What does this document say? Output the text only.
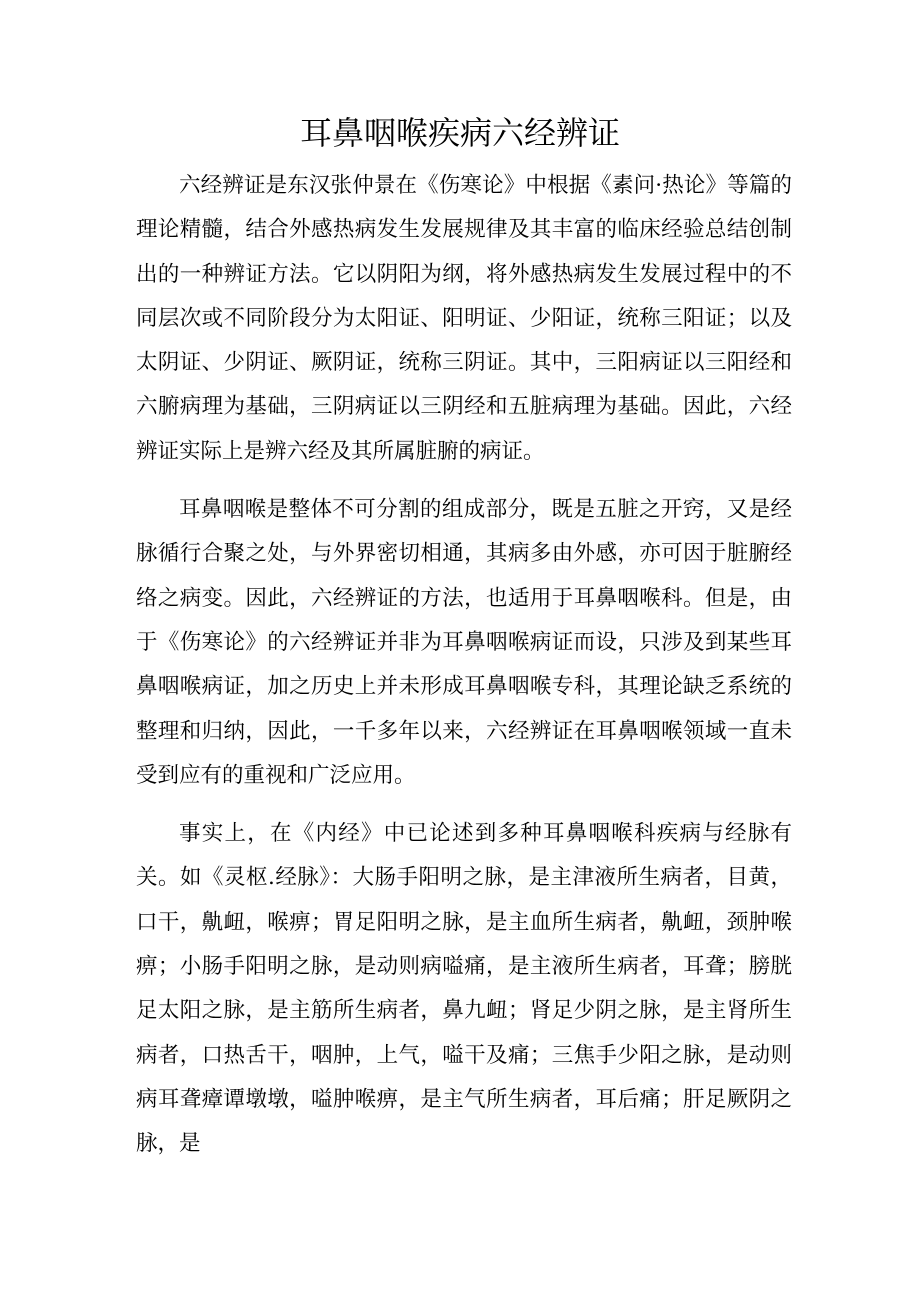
耳鼻咽喉疾病六经辨证

六经辨证是东汉张仲景在《伤寒论》中根据《素问·热论》等篇的理论精髓，结合外感热病发生发展规律及其丰富的临床经验总结创制出的一种辨证方法。它以阴阳为纲，将外感热病发生发展过程中的不同层次或不同阶段分为太阳证、阳明证、少阳证，统称三阳证；以及太阴证、少阴证、厥阴证，统称三阴证。其中，三阳病证以三阳经和六腑病理为基础，三阴病证以三阴经和五脏病理为基础。因此，六经辨证实际上是辨六经及其所属脏腑的病证。

耳鼻咽喉是整体不可分割的组成部分，既是五脏之开窍，又是经脉循行合聚之处，与外界密切相通，其病多由外感，亦可因于脏腑经络之病变。因此，六经辨证的方法，也适用于耳鼻咽喉科。但是，由于《伤寒论》的六经辨证并非为耳鼻咽喉病证而设，只涉及到某些耳鼻咽喉病证，加之历史上并未形成耳鼻咽喉专科，其理论缺乏系统的整理和归纳，因此，一千多年以来，六经辨证在耳鼻咽喉领域一直未受到应有的重视和广泛应用。

事实上，在《内经》中已论述到多种耳鼻咽喉科疾病与经脉有关。如《灵枢.经脉》：大肠手阳明之脉，是主津液所生病者，目黄，口干，鼽衄，喉痹；胃足阳明之脉，是主血所生病者，鼽衄，颈肿喉痹；小肠手阳明之脉，是动则病嗌痛，是主液所生病者，耳聋；膀胱足太阳之脉，是主筋所生病者，鼻九衄；肾足少阴之脉，是主肾所生病者，口热舌干，咽肿，上气，嗌干及痛；三焦手少阳之脉，是动则病耳聋瘴谭墩墩，嗌肿喉痹，是主气所生病者，耳后痛；肝足厥阴之脉，是
